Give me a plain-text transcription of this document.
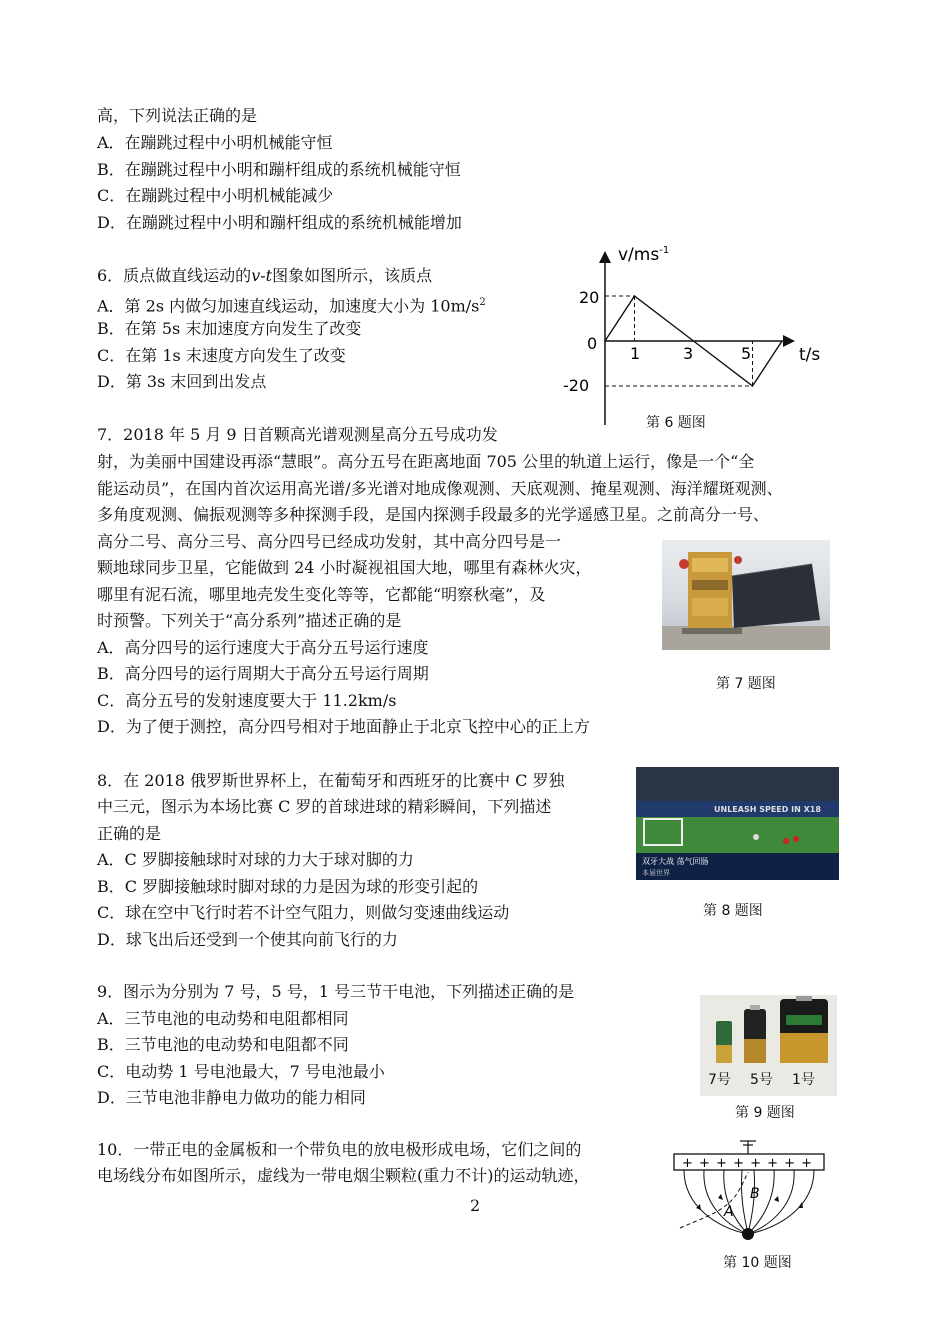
高，下列说法正确的是
A．在蹦跳过程中小明机械能守恒
B．在蹦跳过程中小明和蹦杆组成的系统机械能守恒
C．在蹦跳过程中小明机械能减少
D．在蹦跳过程中小明和蹦杆组成的系统机械能增加
6．质点做直线运动的v-t图象如图所示，该质点
A．第 2s 内做匀加速直线运动，加速度大小为 $10m/s^2$
B．在第 5s 末加速度方向发生了改变
C．在第 1s 末速度方向发生了改变
D．第 3s 末回到出发点
$v/ms^{-1}$
t/s
1	3	5
20
0
-20
第 6 题图
7．2018 年 5 月 9 日首颗高光谱观测星高分五号成功发
射，为美丽中国建设再添“慧眼”。高分五号在距离地面 705 公里的轨道上运行，像是一个“全
能运动员”，在国内首次运用高光谱/多光谱对地成像观测、天底观测、掩星观测、海洋耀斑观测、
多角度观测、偏振观测等多种探测手段，是国内探测手段最多的光学遥感卫星。之前高分一号、
高分二号、高分三号、高分四号已经成功发射，其中高分四号是一
颗地球同步卫星，它能做到 24 小时凝视祖国大地，哪里有森林火灾，
哪里有泥石流，哪里地壳发生变化等等，它都能“明察秋毫”，及
时预警。下列关于“高分系列”描述正确的是
A．高分四号的运行速度大于高分五号运行速度
B．高分四号的运行周期大于高分五号运行周期
C．高分五号的发射速度要大于 11.2km/s
D．为了便于测控，高分四号相对于地面静止于北京飞控中心的正上方
第 7 题图
8．在 2018 俄罗斯世界杯上，在葡萄牙和西班牙的比赛中 C 罗独
中三元，图示为本场比赛 C 罗的首球进球的精彩瞬间，下列描述
正确的是
A．C 罗脚接触球时对球的力大于球对脚的力
B．C 罗脚接触球时脚对球的力是因为球的形变引起的
C．球在空中飞行时若不计空气阻力，则做匀变速曲线运动
D．球飞出后还受到一个使其向前飞行的力
UNLEASH SPEED IN X18
双牙大战 荡气回肠
本届世界
第 8 题图
9．图示为分别为 7 号，5 号，1 号三节干电池，下列描述正确的是
A．三节电池的电动势和电阻都相同
B．三节电池的电动势和电阻都不同
C．电动势 1 号电池最大，7 号电池最小
D．三节电池非静电力做功的能力相同
7号 5号 1号
第 9 题图
10．一带正电的金属板和一个带负电的放电极形成电场，它们之间的
电场线分布如图所示，虚线为一带电烟尘颗粒(重力不计)的运动轨迹，
+ + + + + + + +
A
B
第 10 题图
2
